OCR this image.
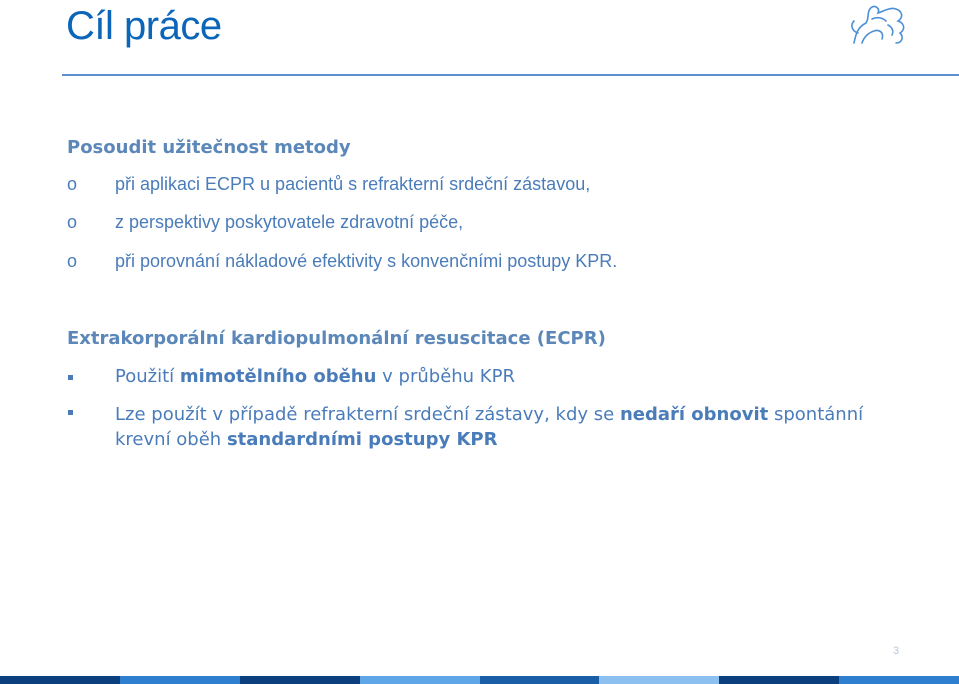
Cíl práce
Posoudit užitečnost metody
o při aplikaci ECPR u pacientů s refrakterní srdeční zástavou,
o z perspektivy poskytovatele zdravotní péče,
o při porovnání nákladové efektivity s konvenčními postupy KPR.
Extrakorporální kardiopulmonální resuscitace (ECPR)
Použití mimotělního oběhu v průběhu KPR
Lze použít v případě refrakterní srdeční zástavy, kdy se nedaří obnovit spontánní krevní oběh standardními postupy KPR
3
